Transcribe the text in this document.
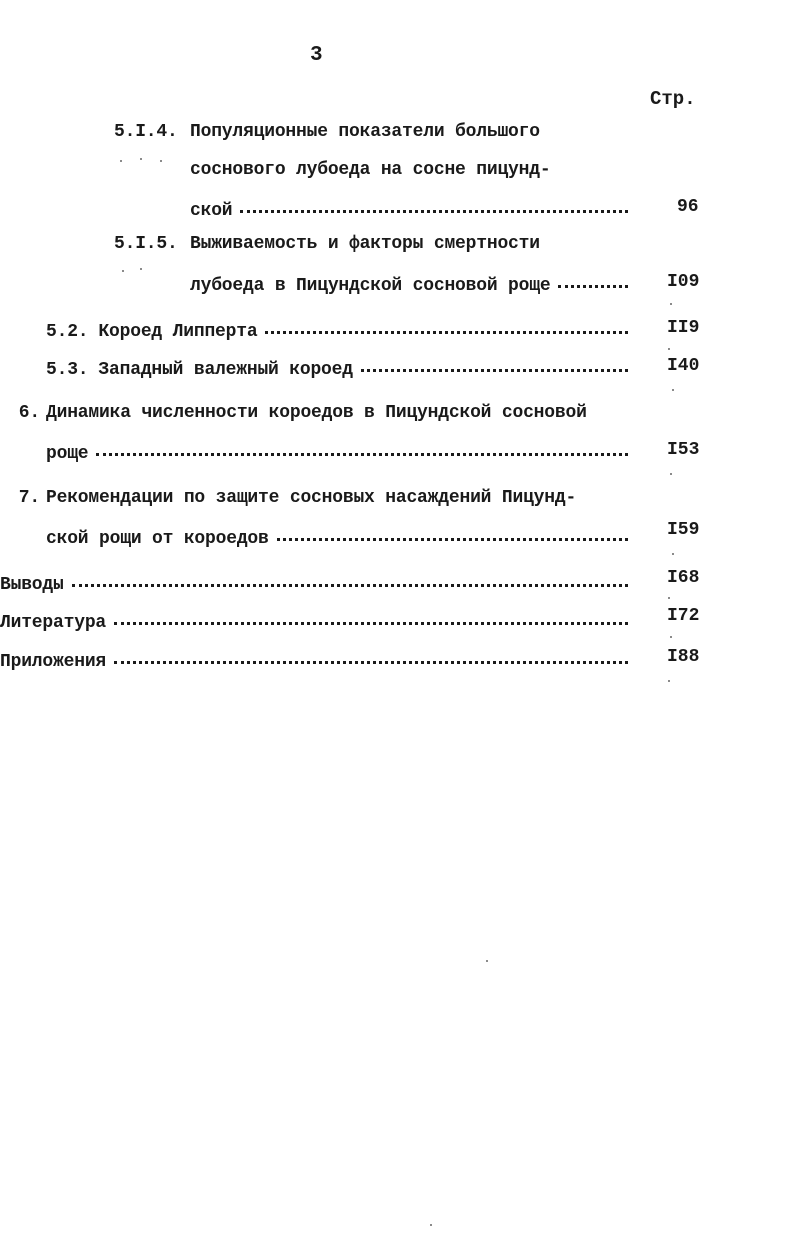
3
Стр.
5.I.4. Популяционные показатели большого
соснового лубоеда на сосне пицунд-
ской	96
5.I.5. Выживаемость и факторы смертности
лубоеда в Пицундской сосновой роще	I09
5.2. Короед Липперта	II9
5.3. Западный валежный короед	I40
6. Динамика численности короедов в Пицундской сосновой
роще	I53
7. Рекомендации по защите сосновых насаждений Пицунд-
ской рощи от короедов	I59
Выводы	I68
Литература	I72
Приложения	I88
